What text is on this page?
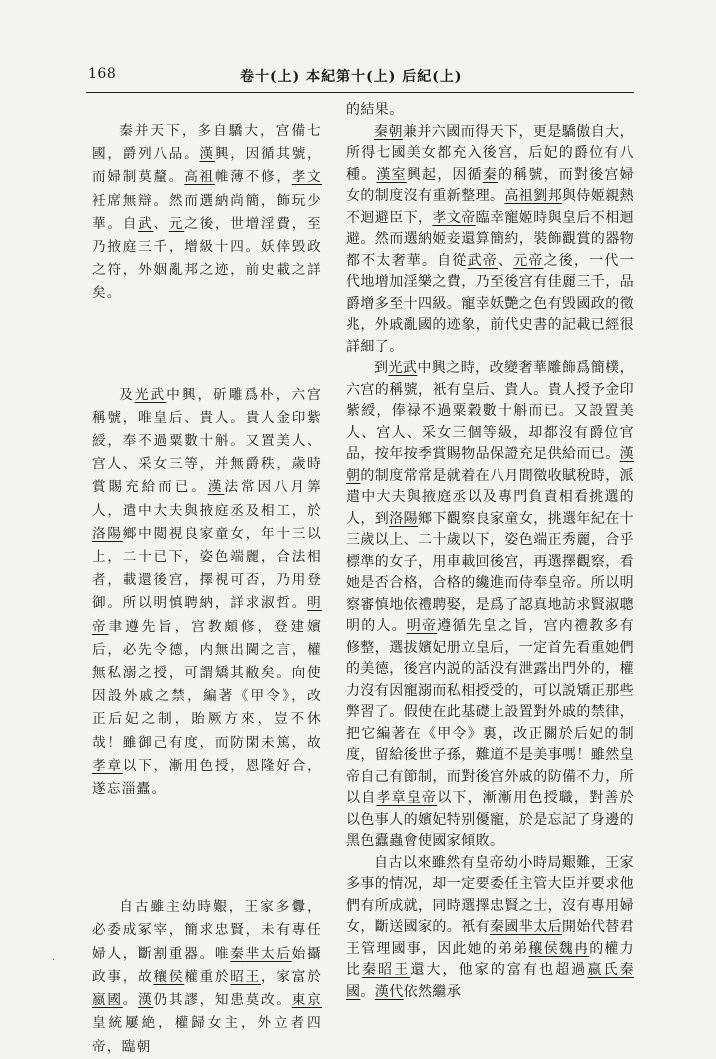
168	卷十(上) 本紀第十(上) 后紀(上)

秦并天下，多自驕大，宫備七國，爵列八品。漢興，因循其號，而婦制莫釐。高祖帷薄不修，孝文衽席無辯。然而選納尚簡，飾玩少華。自武、元之後，世增淫費，至乃掖庭三千，增級十四。妖倖毁政之符，外姻亂邦之迹，前史載之詳矣。

及光武中興，斫雕爲朴，六宫稱號，唯皇后、貴人。貴人金印紫綬，奉不過粟數十斛。又置美人、宫人、采女三等，并無爵秩，歲時賞賜充給而已。漢法常因八月筭人，遣中大夫與掖庭丞及相工，於洛陽鄉中閲視良家童女，年十三以上，二十已下，姿色端麗，合法相者，載還後宫，擇視可否，乃用登御。所以明慎聘納，詳求淑哲。明帝聿遵先旨，宫教頗修，登建嬪后，必先令德，内無出閫之言，權無私溺之授，可謂矯其敝矣。向使因設外戚之禁，編著《甲令》，改正后妃之制，貽厥方來，豈不休哉！雖御己有度，而防閑未篤，故孝章以下，漸用色授，恩隆好合，遂忘淄蠹。

自古雖主幼時艱，王家多釁，必委成冢宰，簡求忠賢，未有專任婦人，斷割重器。唯秦芈太后始攝政事，故穰侯權重於昭王，家富於嬴國。漢仍其謬，知患莫改。東京皇統屢絶，權歸女主，外立者四帝，臨朝

的結果。

秦朝兼并六國而得天下，更是驕傲自大，所得七國美女都充入後宫，后妃的爵位有八種。漢室興起，因循秦的稱號，而對後宫婦女的制度沒有重新整理。高祖劉邦與侍姬親熱不迴避臣下，孝文帝臨幸寵姬時與皇后不相迴避。然而選納姬妾還算簡約，裝飾觀賞的器物都不太奢華。自從武帝、元帝之後，一代一代地增加淫樂之費，乃至後宫有佳麗三千，品爵增多至十四級。寵幸妖艷之色有毁國政的徵兆，外戚亂國的迹象，前代史書的記載已經很詳細了。

到光武中興之時，改變奢華雕飾爲簡樸，六宫的稱號，衹有皇后、貴人。貴人授予金印紫綬，俸禄不過粟穀數十斛而已。又設置美人、宫人、采女三個等級，却都沒有爵位官品，按年按季賞賜物品保證充足供給而已。漢朝的制度常常是就着在八月間徵收賦稅時，派遣中大夫與掖庭丞以及專門負責相看挑選的人，到洛陽鄉下觀察良家童女，挑選年紀在十三歲以上、二十歲以下，姿色端正秀麗，合乎標準的女子，用車載回後宫，再選擇觀察，看她是否合格，合格的纔進而侍奉皇帝。所以明察審慎地依禮聘娶，是爲了認真地訪求賢淑聰明的人。明帝遵循先皇之旨，宫内禮教多有修整，選拔嬪妃册立皇后，一定首先看重她們的美德，後宫内説的話没有泄露出門外的，權力沒有因寵溺而私相授受的，可以説矯正那些弊習了。假使在此基礎上設置對外戚的禁律，把它編著在《甲令》裏，改正關於后妃的制度，留給後世子孫，難道不是美事嗎！雖然皇帝自己有節制，而對後宫外戚的防備不力，所以自孝章皇帝以下，漸漸用色授職，對善於以色事人的嬪妃特别優寵，於是忘記了身邊的黑色蠹蟲會使國家傾敗。

自古以來雖然有皇帝幼小時局艱難，王家多事的情况，却一定要委任主管大臣并要求他們有所成就，同時選擇忠賢之士，沒有專用婦女，斷送國家的。衹有秦國芈太后開始代替君王管理國事，因此她的弟弟穰侯魏冉的權力比秦昭王還大，他家的富有也超過嬴氏秦國。漢代依然繼承

·
